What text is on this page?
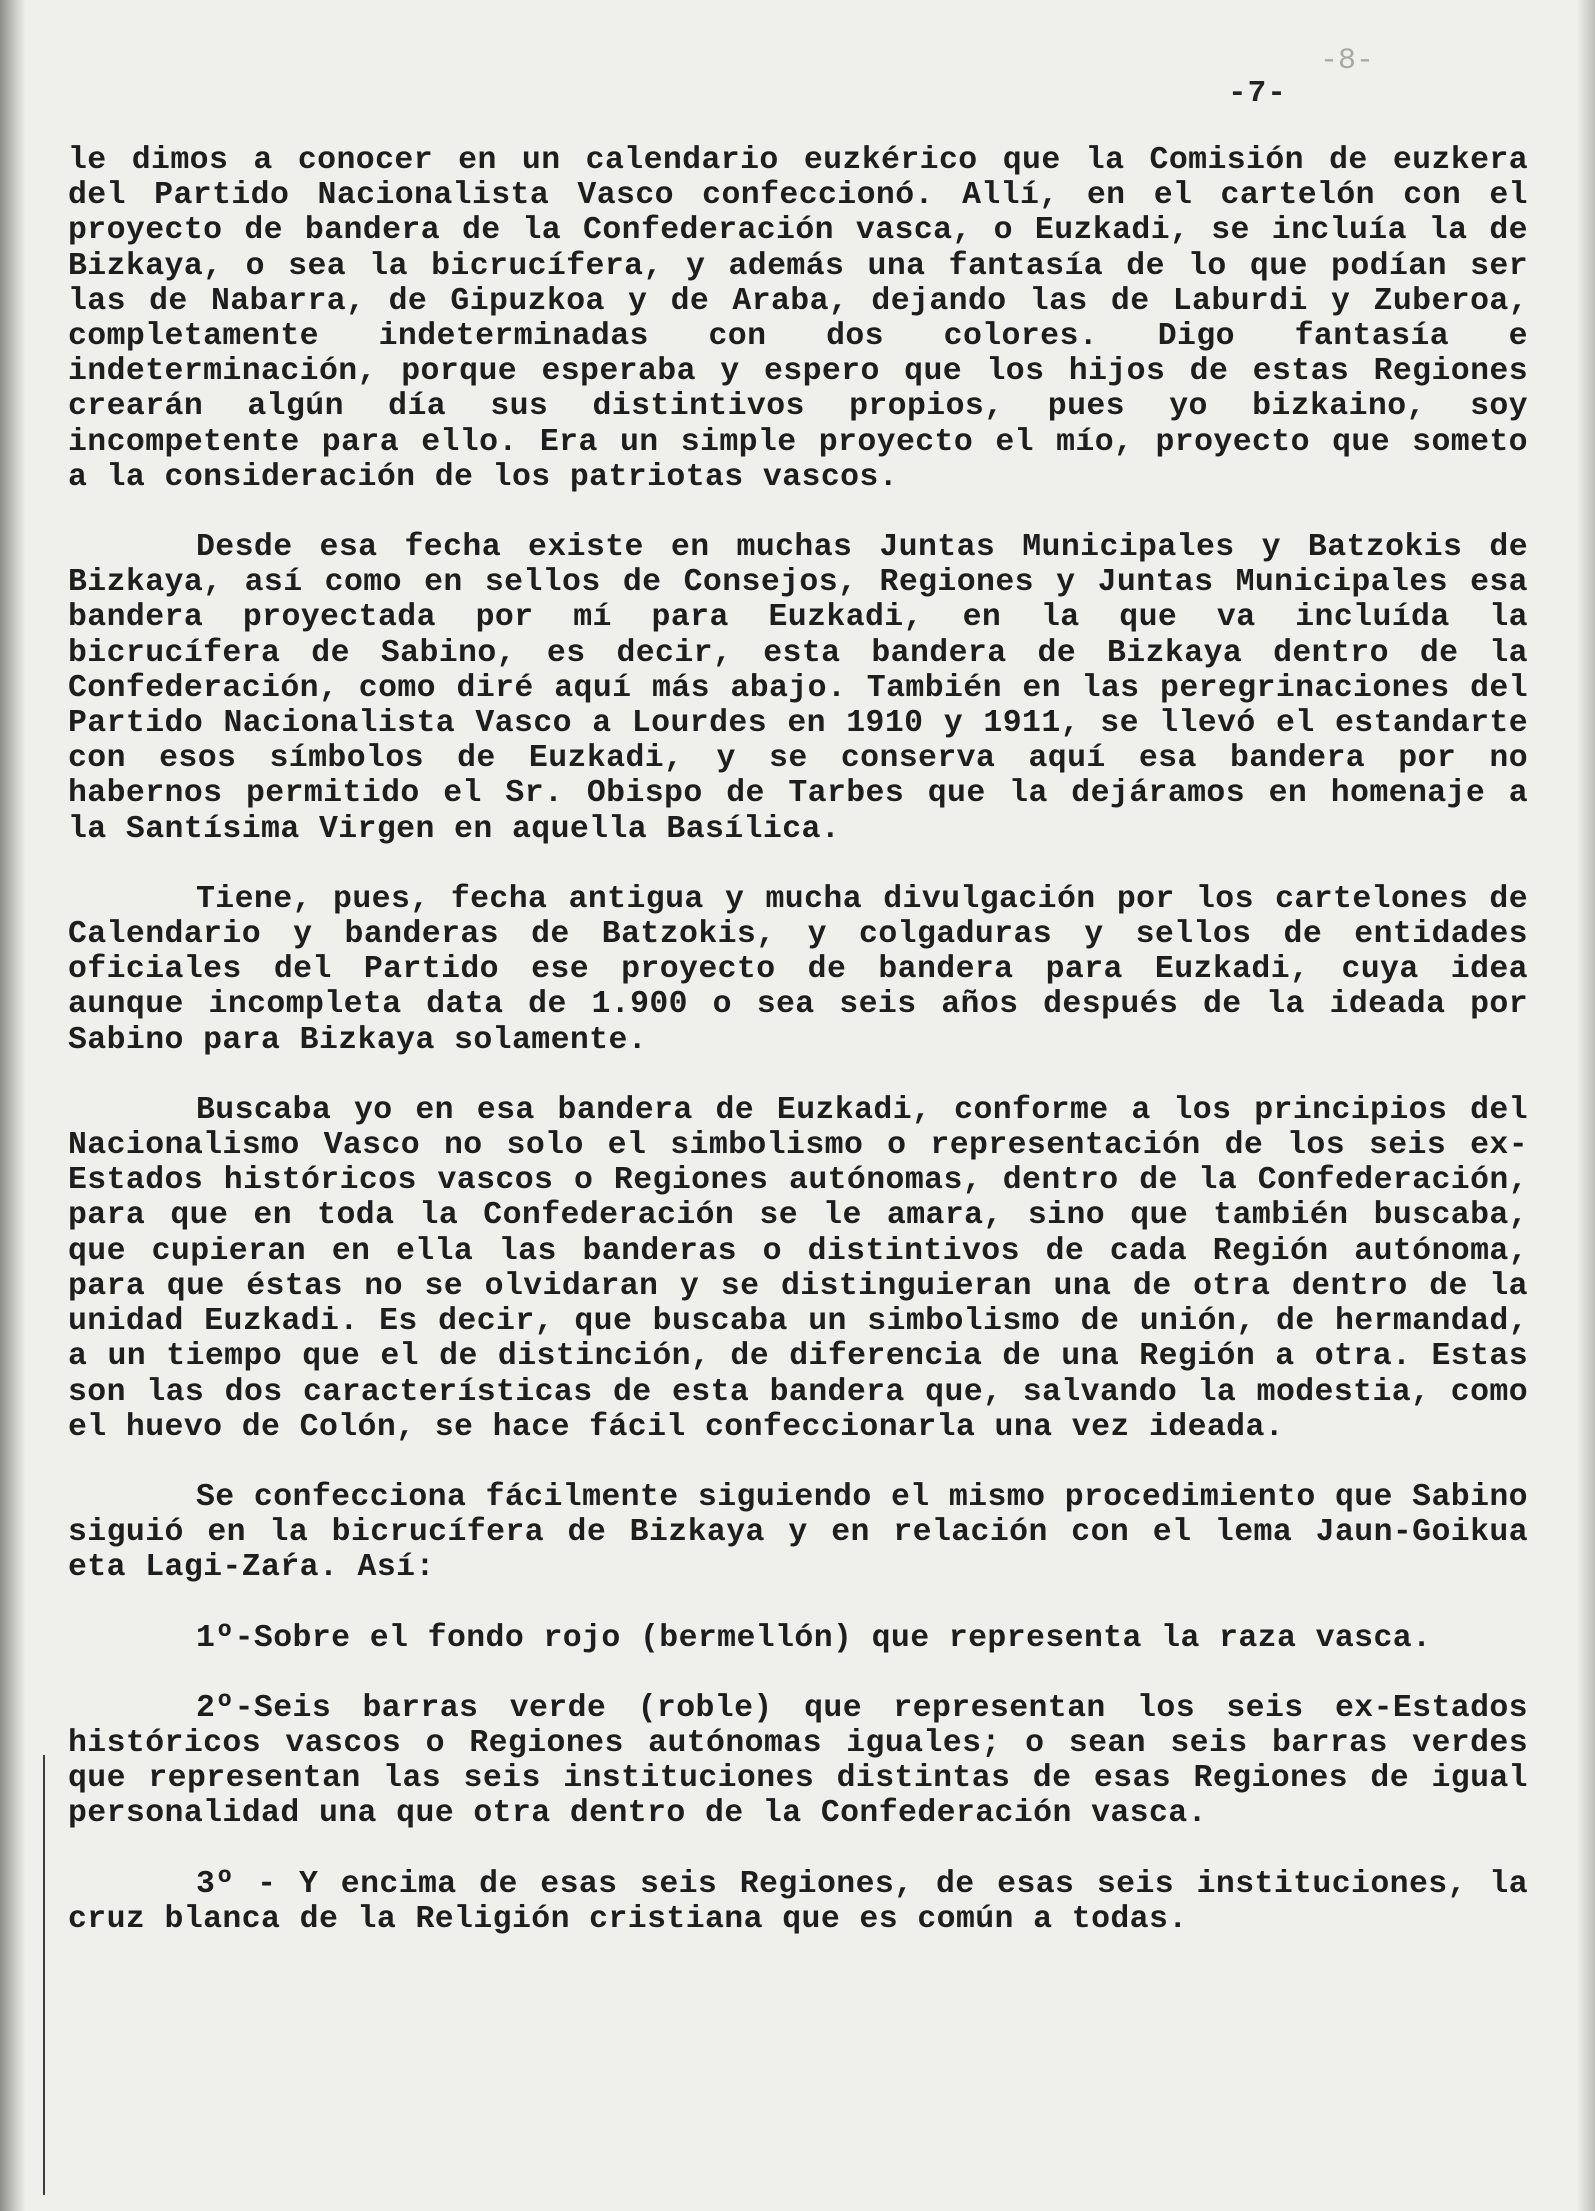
-8-
-7-

le dimos a conocer en un calendario euzkérico que la Comisión de euzkera del Partido Nacionalista Vasco confeccionó. Allí, en el cartelón con el proyecto de bandera de la Confederación vasca, o Euzkadi, se incluía la de Bizkaya, o sea la bicrucífera, y además una fantasía de lo que podían ser las de Nabarra, de Gipuzkoa y de Araba, dejando las de Laburdi y Zuberoa, completamente indeterminadas con dos colores. Digo fantasía e indeterminación, porque esperaba y espero que los hijos de estas Regiones crearán algún día sus distintivos propios, pues yo bizkaino, soy incompetente para ello. Era un simple proyecto el mío, proyecto que someto a la consideración de los patriotas vascos.

Desde esa fecha existe en muchas Juntas Municipales y Batzokis de Bizkaya, así como en sellos de Consejos, Regiones y Juntas Municipales esa bandera proyectada por mí para Euzkadi, en la que va incluída la bicrucífera de Sabino, es decir, esta bandera de Bizkaya dentro de la Confederación, como diré aquí más abajo. También en las peregrinaciones del Partido Nacionalista Vasco a Lourdes en 1910 y 1911, se llevó el estandarte con esos símbolos de Euzkadi, y se conserva aquí esa bandera por no habernos permitido el Sr. Obispo de Tarbes que la dejáramos en homenaje a la Santísima Virgen en aquella Basílica.

Tiene, pues, fecha antigua y mucha divulgación por los cartelones de Calendario y banderas de Batzokis, y colgaduras y sellos de entidades oficiales del Partido ese proyecto de bandera para Euzkadi, cuya idea aunque incompleta data de 1.900 o sea seis años después de la ideada por Sabino para Bizkaya solamente.

Buscaba yo en esa bandera de Euzkadi, conforme a los principios del Nacionalismo Vasco no solo el simbolismo o representación de los seis ex-Estados históricos vascos o Regiones autónomas, dentro de la Confederación, para que en toda la Confederación se le amara, sino que también buscaba, que cupieran en ella las banderas o distintivos de cada Región autónoma, para que éstas no se olvidaran y se distinguieran una de otra dentro de la unidad Euzkadi. Es decir, que buscaba un simbolismo de unión, de hermandad, a un tiempo que el de distinción, de diferencia de una Región a otra. Estas son las dos características de esta bandera que, salvando la modestia, como el huevo de Colón, se hace fácil confeccionarla una vez ideada.

Se confecciona fácilmente siguiendo el mismo procedimiento que Sabino siguió en la bicrucífera de Bizkaya y en relación con el lema Jaun-Goikua eta Lagi-Zaŕa. Así:

1º-Sobre el fondo rojo (bermellón) que representa la raza vasca.

2º-Seis barras verde (roble) que representan los seis ex-Estados históricos vascos o Regiones autónomas iguales; o sean seis barras verdes que representan las seis instituciones distintas de esas Regiones de igual personalidad una que otra dentro de la Confederación vasca.

3º - Y encima de esas seis Regiones, de esas seis instituciones, la cruz blanca de la Religión cristiana que es común a todas.
